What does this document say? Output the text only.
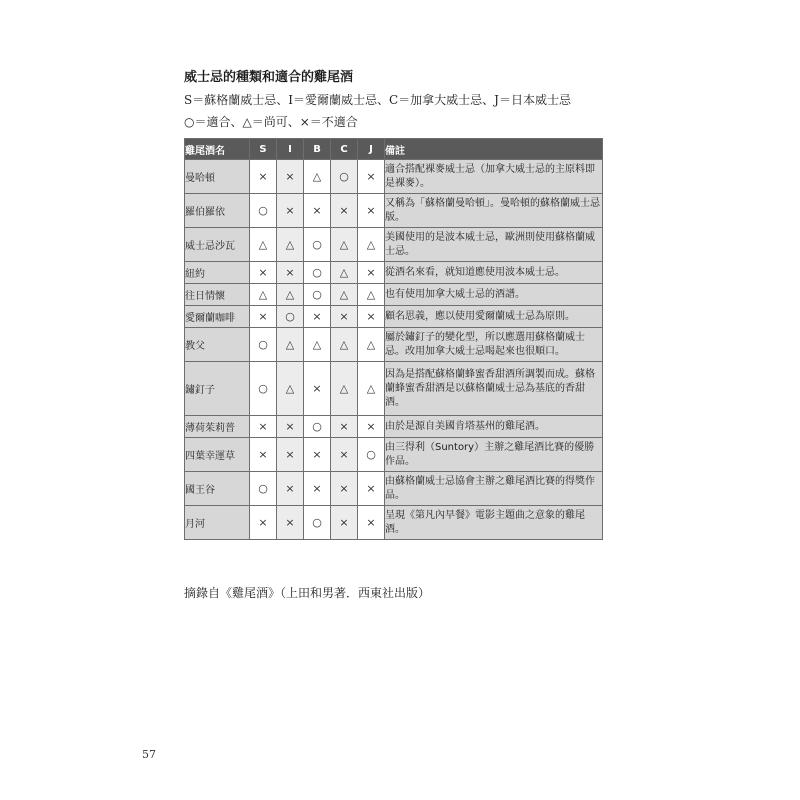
威士忌的種類和適合的雞尾酒
S＝蘇格蘭威士忌、I＝愛爾蘭威士忌、C＝加拿大威士忌、J＝日本威士忌
○＝適合、△＝尚可、×＝不適合
雞尾酒名	S	I	B	C	J	備註
曼哈頓	×	×	△	○	×	適合搭配裸麥威士忌（加拿大威士忌的主原料即是裸麥）。
羅伯羅依	○	×	×	×	×	又稱為「蘇格蘭曼哈頓」。曼哈頓的蘇格蘭威士忌版。
威士忌沙瓦	△	△	○	△	△	美國使用的是波本威士忌，歐洲則使用蘇格蘭威士忌。
紐約	×	×	○	△	×	從酒名來看，就知道應使用波本威士忌。
往日情懷	△	△	○	△	△	也有使用加拿大威士忌的酒譜。
愛爾蘭咖啡	×	○	×	×	×	顧名思義，應以使用愛爾蘭威士忌為原則。
教父	○	△	△	△	△	屬於鏽釘子的變化型，所以應選用蘇格蘭威士忌。改用加拿大威士忌喝起來也很順口。
鏽釘子	○	△	×	△	△	因為是搭配蘇格蘭蜂蜜香甜酒所調製而成。蘇格蘭蜂蜜香甜酒是以蘇格蘭威士忌為基底的香甜酒。
薄荷茱莉普	×	×	○	×	×	由於是源自美國肯塔基州的雞尾酒。
四葉幸運草	×	×	×	×	○	由三得利（Suntory）主辦之雞尾酒比賽的優勝作品。
國王谷	○	×	×	×	×	由蘇格蘭威士忌協會主辦之雞尾酒比賽的得獎作品。
月河	×	×	○	×	×	呈現《第凡內早餐》電影主題曲之意象的雞尾酒。
摘錄自《雞尾酒》（上田和男著．西東社出版）
57
